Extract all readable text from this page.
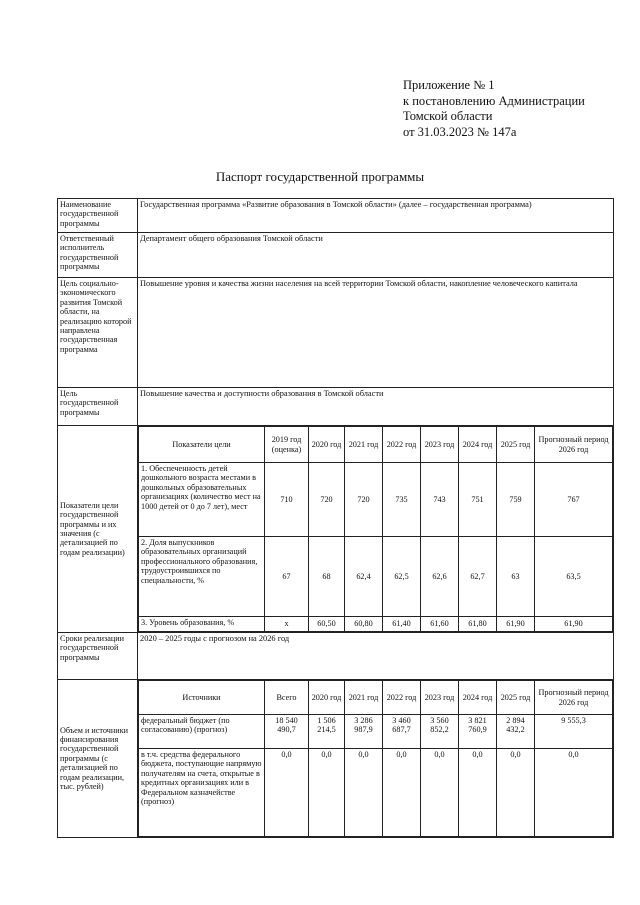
Приложение № 1
к постановлению Администрации
Томской области
от 31.03.2023 № 147а
Паспорт государственной программы
Наименование государственной программы	Государственная программа «Развитие образования в Томской области» (далее – государственная программа)
Ответственный исполнитель государственной программы	Департамент общего образования Томской области
Цель социально-экономического развития Томской области, на реализацию которой направлена государственная программа	Повышение уровня и качества жизни населения на всей территории Томской области, накопление человеческого капитала
Цель государственной программы	Повышение качества и доступности образования в Томской области
Показатели цели государственной программы и их значения (с детализацией по годам реализации)	
Показатели цели	2019 год (оценка)	2020 год	2021 год	2022 год	2023 год	2024 год	2025 год	Прогнозный период 2026 год
1. Обеспеченность детей дошкольного возраста местами в дошкольных образовательных организациях (количество мест на 1000 детей от 0 до 7 лет), мест	710	720	720	735	743	751	759	767
2. Доля выпускников образовательных организаций профессионального образования, трудоустроившихся по специальности, %	67	68	62,4	62,5	62,6	62,7	63	63,5
3. Уровень образования, %	х	60,50	60,80	61,40	61,60	61,80	61,90	61,90

Сроки реализации государственной программы	2020 – 2025 годы с прогнозом на 2026 год
Объем и источники финансирования государственной программы (с детализацией по годам реализации, тыс. рублей)	
Источники	Всего	2020 год	2021 год	2022 год	2023 год	2024 год	2025 год	Прогнозный период 2026 год
федеральный бюджет (по согласованию) (прогноз)	18 540 490,7	1 506 214,5	3 286 987,9	3 460 687,7	3 560 852,2	3 821 760,9	2 894 432,2	9 555,3
в т.ч. средства федерального бюджета, поступающие напрямую получателям на счета, открытые в кредитных организациях или в Федеральном казначействе (прогноз)	0,0	0,0	0,0	0,0	0,0	0,0	0,0	0,0
